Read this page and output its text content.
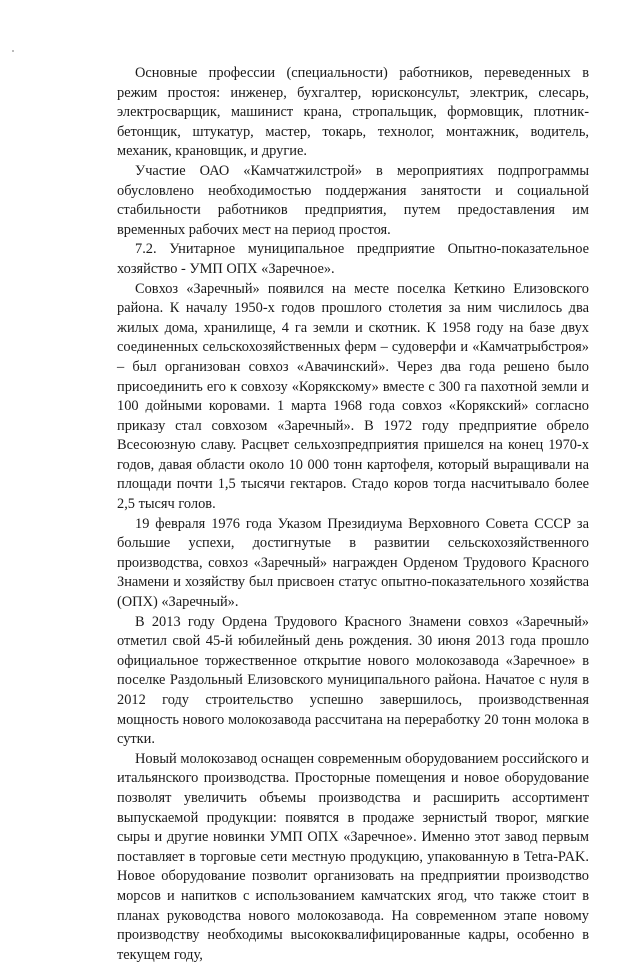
Основные профессии (специальности) работников, переведенных в режим простоя: инженер, бухгалтер, юрисконсульт, электрик, слесарь, электросварщик, машинист крана, стропальщик, формовщик, плотник-бетонщик, штукатур, мастер, токарь, технолог, монтажник, водитель, механик, крановщик, и другие.

Участие ОАО «Камчатжилстрой» в мероприятиях подпрограммы обусловлено необходимостью поддержания занятости и социальной стабильности работников предприятия, путем предоставления им временных рабочих мест на период простоя.

7.2. Унитарное муниципальное предприятие Опытно-показательное хозяйство - УМП ОПХ «Заречное».

Совхоз «Заречный» появился на месте поселка Кеткино Елизовского района. К началу 1950-х годов прошлого столетия за ним числилось два жилых дома, хранилище, 4 га земли и скотник. К 1958 году на базе двух соединенных сельскохозяйственных ферм – судоверфи и «Камчатрыбстроя» – был организован совхоз «Авачинский». Через два года решено было присоединить его к совхозу «Корякскому» вместе с 300 га пахотной земли и 100 дойными коровами. 1 марта 1968 года совхоз «Корякский» согласно приказу стал совхозом «Заречный». В 1972 году предприятие обрело Всесоюзную славу. Расцвет сельхозпредприятия пришелся на конец 1970-х годов, давая области около 10 000 тонн картофеля, который выращивали на площади почти 1,5 тысячи гектаров. Стадо коров тогда насчитывало более 2,5 тысяч голов.

19 февраля 1976 года Указом Президиума Верховного Совета СССР за большие успехи, достигнутые в развитии сельскохозяйственного производства, совхоз «Заречный» награжден Орденом Трудового Красного Знамени и хозяйству был присвоен статус опытно-показательного хозяйства (ОПХ) «Заречный».

В 2013 году Ордена Трудового Красного Знамени совхоз «Заречный» отметил свой 45-й юбилейный день рождения. 30 июня 2013 года прошло официальное торжественное открытие нового молокозавода «Заречное» в поселке Раздольный Елизовского муниципального района. Начатое с нуля в 2012 году строительство успешно завершилось, производственная мощность нового молокозавода рассчитана на переработку 20 тонн молока в сутки.

Новый молокозавод оснащен современным оборудованием российского и итальянского производства. Просторные помещения и новое оборудование позволят увеличить объемы производства и расширить ассортимент выпускаемой продукции: появятся в продаже зернистый творог, мягкие сыры и другие новинки УМП ОПХ «Заречное». Именно этот завод первым поставляет в торговые сети местную продукцию, упакованную в Tetra-PAK. Новое оборудование позволит организовать на предприятии производство морсов и напитков с использованием камчатских ягод, что также стоит в планах руководства нового молокозавода. На современном этапе новому производству необходимы высококвалифицированные кадры, особенно в текущем году,
